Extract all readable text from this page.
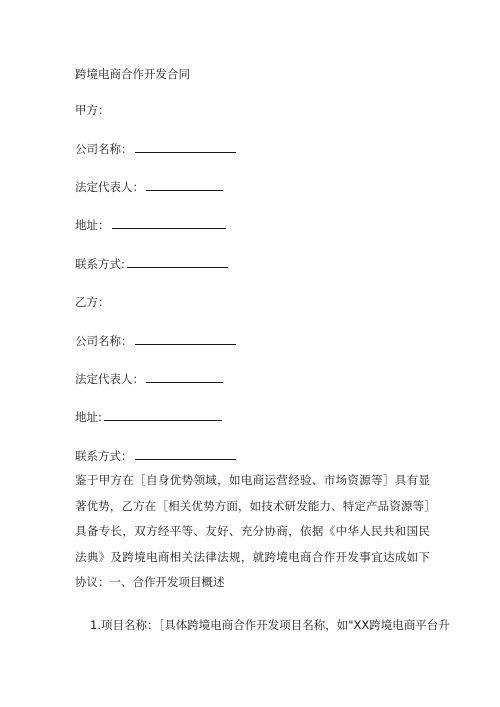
跨境电商合作开发合同
甲方：
公司名称：
法定代表人：
地址：
联系方式:
乙方：
公司名称：
法定代表人：
地址:
联系方式：
鉴于甲方在［自身优势领域，如电商运营经验、市场资源等］具有显著优势，乙方在［相关优势方面，如技术研发能力、特定产品资源等］具备专长，双方经平等、友好、充分协商，依据《中华人民共和国民法典》及跨境电商相关法律法规，就跨境电商合作开发事宜达成如下协议：一、合作开发项目概述
1.项目名称：［具体跨境电商合作开发项目名称，如"XX跨境电商平台升
